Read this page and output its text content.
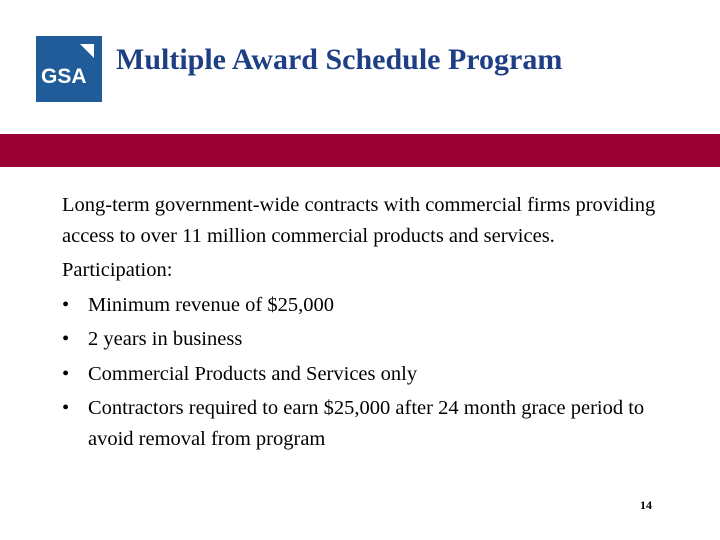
GSA
Multiple Award Schedule Program

Long-term government-wide contracts with commercial firms providing access to over 11 million commercial products and services.

Participation:

• Minimum revenue of $25,000
• 2 years in business
• Commercial Products and Services only
• Contractors required to earn $25,000 after 24 month grace period to avoid removal from program
14
